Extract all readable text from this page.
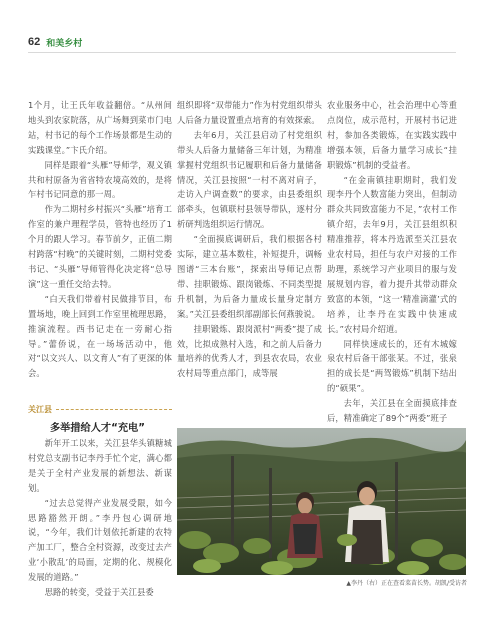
62 和美乡村

1个月，让王氏年收益翻倍。“从州间地头到农家院落，从广场舞到菜市门电站，村书记的每个工作场景都是生动的实践课堂。”卞氏介绍。

同样是跟着“头雁”导师学，观义镇共和村原备为省省特农境高效的，是将乍村书记同意的那一周。

作为二期村乡村振兴“头雁”培育工作室的兼户理程学员，管特也经历了1个月的跟人学习。春节前夕，正值二期村跨落“村晚”的关键时刻，二期村党委书记、“头雁”导师管得化决定将“总导演”这一重任交给去特。

“白天我们带着村民做排节目，布置场地，晚上回到工作室里梳理思路，推演流程。西书记走在一旁耐心指导。”蕾侨说，在一场场活动中，他对“以文兴人、以文育人”有了更深的体会。

组织即将“双带能力”作为村党组织带头人后备力量设置重点培育的有效探索。

去年6月，关江县启动了村党组织带头人后备力量储备三年计划，为精准掌握村党组织书记履职和后备力量储备情况，关江县按照“一村不离对肩子，走访入户调查数”的要求，由县委组织部牵头，包镇联村县领导带队，逐村分析研判选组织运行情况。

“全面摸底调研后，我们根据各村实际，建立基本数柱，补短提升，调畅图谱“三本台账”，探索出导师记点帮带、挂职锻炼、跟岗锻炼、不同类型提升机制，为后备力量成长量身定制方案。”关江县委组织部副部长何燕骏说。

挂职锻炼、跟岗派村“两委”提了成效，比拟成熟村入选，和之前人后备力量培养的优秀人才，到县农农局，农业农村局等重点部门，成等展

农业服务中心，社会治理中心等重点岗位，成示范村，开展村书记进村，参加各类锻炼，在实践实践中增强本领，后备力量学习成长“挂职锻炼”机制的受益者。

“在金南镇挂职期时，我们发现李丹个人数富能力突出，但制动群众共同致富能力不足，”农村工作镇介绍，去年9月，关江县组织积精准推荐，将本丹选派至关江县农业农村局，担任与农户对接的工作助理，系统学习产业项目的服与发展规划内容，着力提升其带动群众致富的本领，“这一‘精准滴灌’式的培养，让李丹在实践中快速成长。”农村局介绍道。

同样快速成长的，还有木城嫁泉农村后备干部张某。不过，张泉担的成长是“两驾锻炼”机制下结出的“硕果”。

去年，关江县在全面摸底排查后，精准确定了89个“两委”班子

关江县
多举措给人才“充电”

新年开工以来，关江县华头镇糖城村党总支副书记李丹手忙个定，满心都是关于全村产业发展的新想法、新谋划。

“过去总觉得产业发展受限，如今思路豁然开朗。”李丹包心调研地说，“今年，我们计划依托新建的农特产加工厂，整合全村资源，改变过去产业‘小散乱’的局面，定期的化、规模化发展的道路。”

思路的转变，受益于关江县委

▲李丹（右）正在查看菜苗长势。胡凯/受访者
